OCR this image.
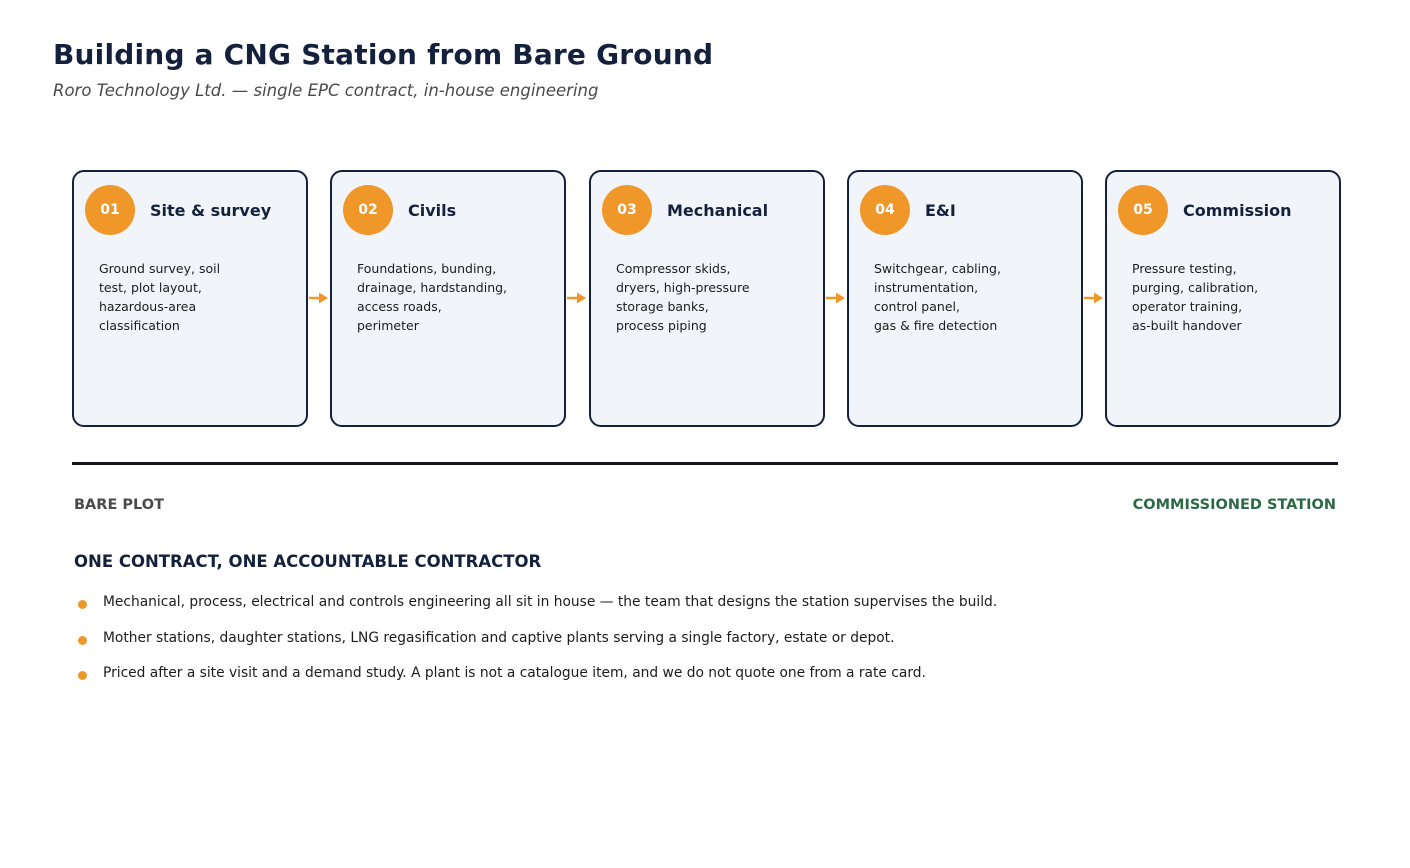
Building a CNG Station from Bare Ground
Roro Technology Ltd. — single EPC contract, in-house engineering
01	Site & survey
Ground survey, soil
test, plot layout,
hazardous-area
classification
02	Civils
Foundations, bunding,
drainage, hardstanding,
access roads,
perimeter
03	Mechanical
Compressor skids,
dryers, high-pressure
storage banks,
process piping
04	E&I
Switchgear, cabling,
instrumentation,
control panel,
gas & fire detection
05	Commission
Pressure testing,
purging, calibration,
operator training,
as-built handover
BARE PLOT	COMMISSIONED STATION
ONE CONTRACT, ONE ACCOUNTABLE CONTRACTOR
Mechanical, process, electrical and controls engineering all sit in house — the team that designs the station supervises the build.
Mother stations, daughter stations, LNG regasification and captive plants serving a single factory, estate or depot.
Priced after a site visit and a demand study. A plant is not a catalogue item, and we do not quote one from a rate card.
